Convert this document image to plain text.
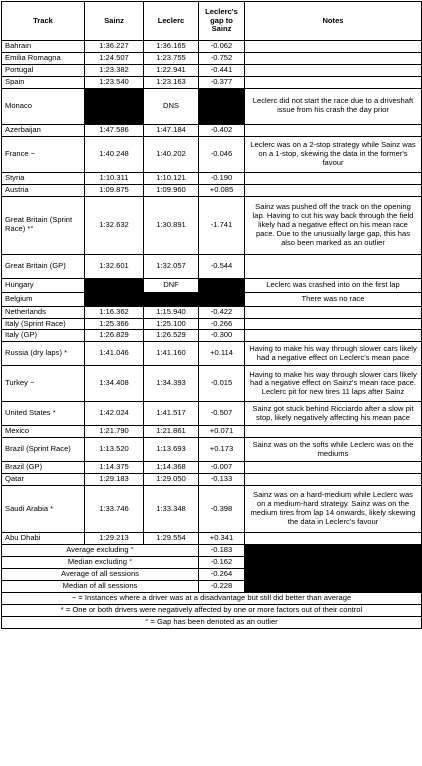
Track	Sainz	Leclerc	Leclerc's gap to Sainz	Notes
Bahrain	1:36.227	1:36.165	-0.062	
Emilia Romagna	1:24.507	1:23.755	-0.752	
Portugal	1:23.382	1:22.941	-0.441	
Spain	1:23.540	1:23.163	-0.377	
Monaco		DNS		Leclerc did not start the race due to a driveshaft issue from his crash the day prior
Azerbaijan	1:47.586	1:47.184	-0.402	
France ~	1:40.248	1:40.202	-0.046	Leclerc was on a 2-stop strategy while Sainz was on a 1-stop, skewing the data in the former's favour
Styria	1:10.311	1:10.121	-0.190	
Austria	1:09.875	1:09.960	+0.085	
Great Britain (Sprint Race) *°	1:32.632	1:30.891	-1.741	Sainz was pushed off the track on the opening lap. Having to cut his way back through the field likely had a negative effect on his mean race pace. Due to the unusually large gap, this has also been marked as an outlier
Great Britain (GP)	1:32.601	1:32.057	-0.544	
Hungary		DNF		Leclerc was crashed into on the first lap
Belgium				There was no race
Netherlands	1:16.362	1:15.940	-0.422	
Italy (Sprint Race)	1:25.366	1:25.100	-0.266	
Italy (GP)	1:26.829	1:26.529	-0.300	
Russia (dry laps) *	1:41.046	1:41.160	+0.114	Having to make his way through slower cars likely had a negative effect on Leclerc's mean pace
Turkey ~	1:34.408	1:34.393	-0.015	Having to make his way through slower cars likely had a negative effect on Sainz's mean race pace. Leclerc pit for new tires 11 laps after Sainz
United States *	1:42.024	1:41.517	-0.507	Sainz got stuck behind Ricciardo after a slow pit stop, likely negatively affecting his mean pace
Mexico	1:21.790	1:21.861	+0.071	
Brazil (Sprint Race)	1:13.520	1:13.693	+0.173	Sainz was on the softs while Leclerc was on the mediums
Brazil (GP)	1:14.375	1:14.368	-0.007	
Qatar	1:29.183	1:29.050	-0.133	
Saudi Arabia *	1:33.746	1:33.348	-0.398	Sainz was on a hard-medium while Leclerc was on a medium-hard strategy. Sainz was on the medium tires from lap 14 onwards, likely skewing the data in Leclerc's favour
Abu Dhabi	1:29.213	1:29.554	+0.341	
Average excluding °			-0.183	
Median excluding °			-0.162	
Average of all sessions			-0.264	
Median of all sessions			-0.228	
~ = Instances where a driver was at a disadvantage but still did better than average				
* = One or both drivers were negatively affected by one or more factors out of their control				
° = Gap has been denoted as an outlier				
